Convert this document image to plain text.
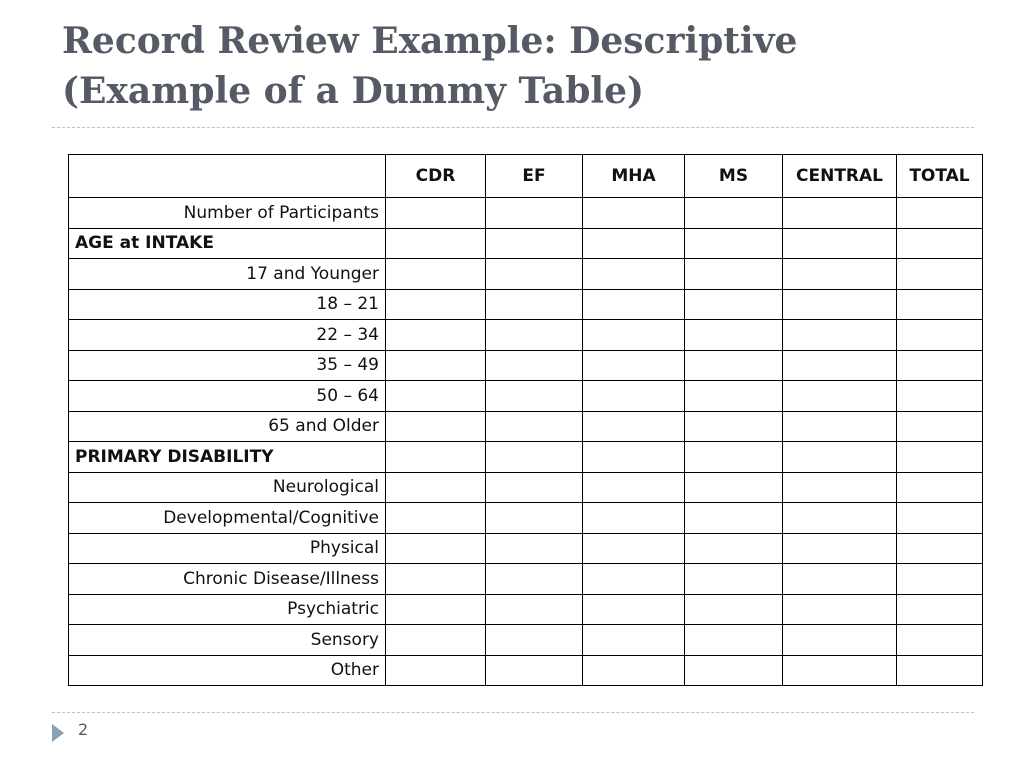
Record Review Example: Descriptive
(Example of a Dummy Table)
	CDR	EF	MHA	MS	CENTRAL	TOTAL
Number of Participants						
AGE at INTAKE						
17 and Younger						
18 – 21						
22 – 34						
35 – 49						
50 – 64						
65 and Older						
PRIMARY DISABILITY						
Neurological						
Developmental/Cognitive						
Physical						
Chronic Disease/Illness						
Psychiatric						
Sensory						
Other						
2
